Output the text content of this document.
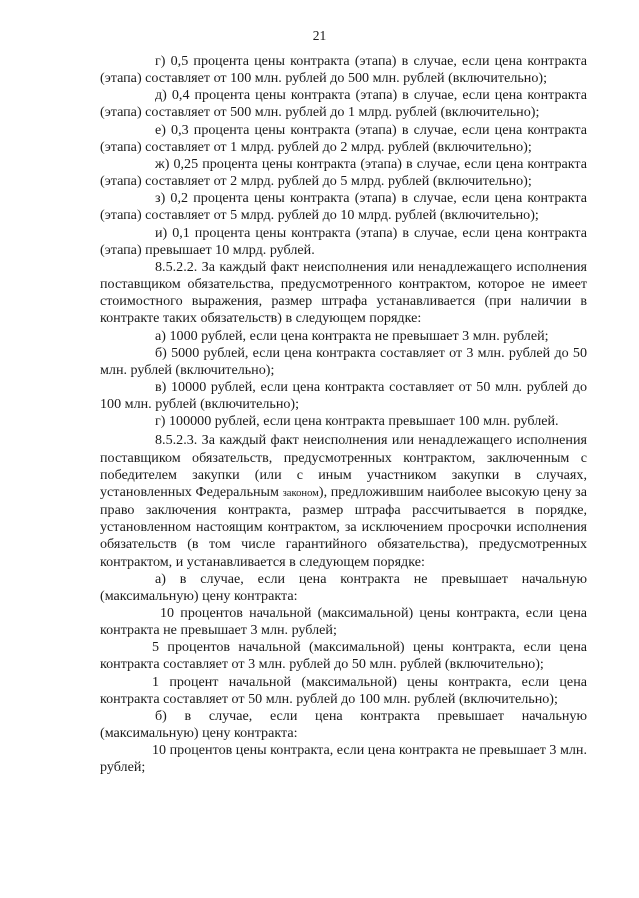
21

г) 0,5 процента цены контракта (этапа) в случае, если цена контракта (этапа) составляет от 100 млн. рублей до 500 млн. рублей (включительно);

д) 0,4 процента цены контракта (этапа) в случае, если цена контракта (этапа) составляет от 500 млн. рублей до 1 млрд. рублей (включительно);

е) 0,3 процента цены контракта (этапа) в случае, если цена контракта (этапа) составляет от 1 млрд. рублей до 2 млрд. рублей (включительно);

ж) 0,25 процента цены контракта (этапа) в случае, если цена контракта (этапа) составляет от 2 млрд. рублей до 5 млрд. рублей (включительно);

з) 0,2 процента цены контракта (этапа) в случае, если цена контракта (этапа) составляет от 5 млрд. рублей до 10 млрд. рублей (включительно);

и) 0,1 процента цены контракта (этапа) в случае, если цена контракта (этапа) превышает 10 млрд. рублей.

8.5.2.2. За каждый факт неисполнения или ненадлежащего исполнения поставщиком обязательства, предусмотренного контрактом, которое не имеет стоимостного выражения, размер штрафа устанавливается (при наличии в контракте таких обязательств) в следующем порядке:

а) 1000 рублей, если цена контракта не превышает 3 млн. рублей;

б) 5000 рублей, если цена контракта составляет от 3 млн. рублей до 50 млн. рублей (включительно);

в) 10000 рублей, если цена контракта составляет от 50 млн. рублей до 100 млн. рублей (включительно);

г) 100000 рублей, если цена контракта превышает 100 млн. рублей.

8.5.2.3. За каждый факт неисполнения или ненадлежащего исполнения поставщиком обязательств, предусмотренных контрактом, заключенным с победителем закупки (или с иным участником закупки в случаях, установленных Федеральным законом), предложившим наиболее высокую цену за право заключения контракта, размер штрафа рассчитывается в порядке, установленном настоящим контрактом, за исключением просрочки исполнения обязательств (в том числе гарантийного обязательства), предусмотренных контрактом, и устанавливается в следующем порядке:

а) в случае, если цена контракта не превышает начальную (максимальную) цену контракта:

10 процентов начальной (максимальной) цены контракта, если цена контракта не превышает 3 млн. рублей;

5 процентов начальной (максимальной) цены контракта, если цена контракта составляет от 3 млн. рублей до 50 млн. рублей (включительно);

1 процент начальной (максимальной) цены контракта, если цена контракта составляет от 50 млн. рублей до 100 млн. рублей (включительно);

б) в случае, если цена контракта превышает начальную (максимальную) цену контракта:

10 процентов цены контракта, если цена контракта не превышает 3 млн. рублей;
